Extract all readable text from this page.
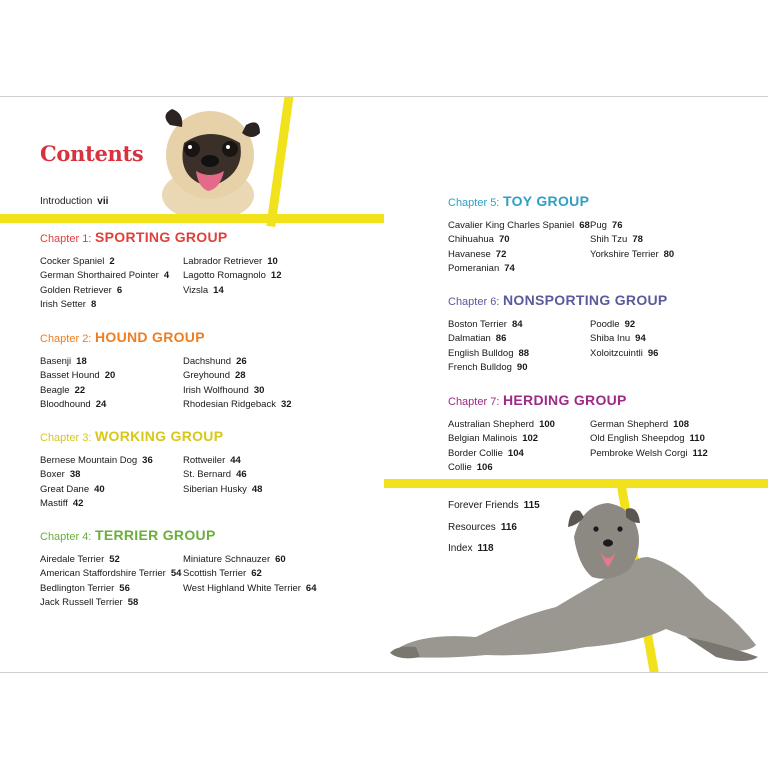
Contents
Introduction vii
Chapter 1: SPORTING GROUP
Cocker Spaniel 2
German Shorthaired Pointer 4
Golden Retriever 6
Irish Setter 8
Labrador Retriever 10
Lagotto Romagnolo 12
Vizsla 14
Chapter 2: HOUND GROUP
Basenji 18
Basset Hound 20
Beagle 22
Bloodhound 24
Dachshund 26
Greyhound 28
Irish Wolfhound 30
Rhodesian Ridgeback 32
Chapter 3: WORKING GROUP
Bernese Mountain Dog 36
Boxer 38
Great Dane 40
Mastiff 42
Rottweiler 44
St. Bernard 46
Siberian Husky 48
Chapter 4: TERRIER GROUP
Airedale Terrier 52
American Staffordshire Terrier 54
Bedlington Terrier 56
Jack Russell Terrier 58
Miniature Schnauzer 60
Scottish Terrier 62
West Highland White Terrier 64
Chapter 5: TOY GROUP
Cavalier King Charles Spaniel 68
Chihuahua 70
Havanese 72
Pomeranian 74
Pug 76
Shih Tzu 78
Yorkshire Terrier 80
Chapter 6: NONSPORTING GROUP
Boston Terrier 84
Dalmatian 86
English Bulldog 88
French Bulldog 90
Poodle 92
Shiba Inu 94
Xoloitzcuintli 96
Chapter 7: HERDING GROUP
Australian Shepherd 100
Belgian Malinois 102
Border Collie 104
Collie 106
German Shepherd 108
Old English Sheepdog 110
Pembroke Welsh Corgi 112
Forever Friends 115
Resources 116
Index 118
